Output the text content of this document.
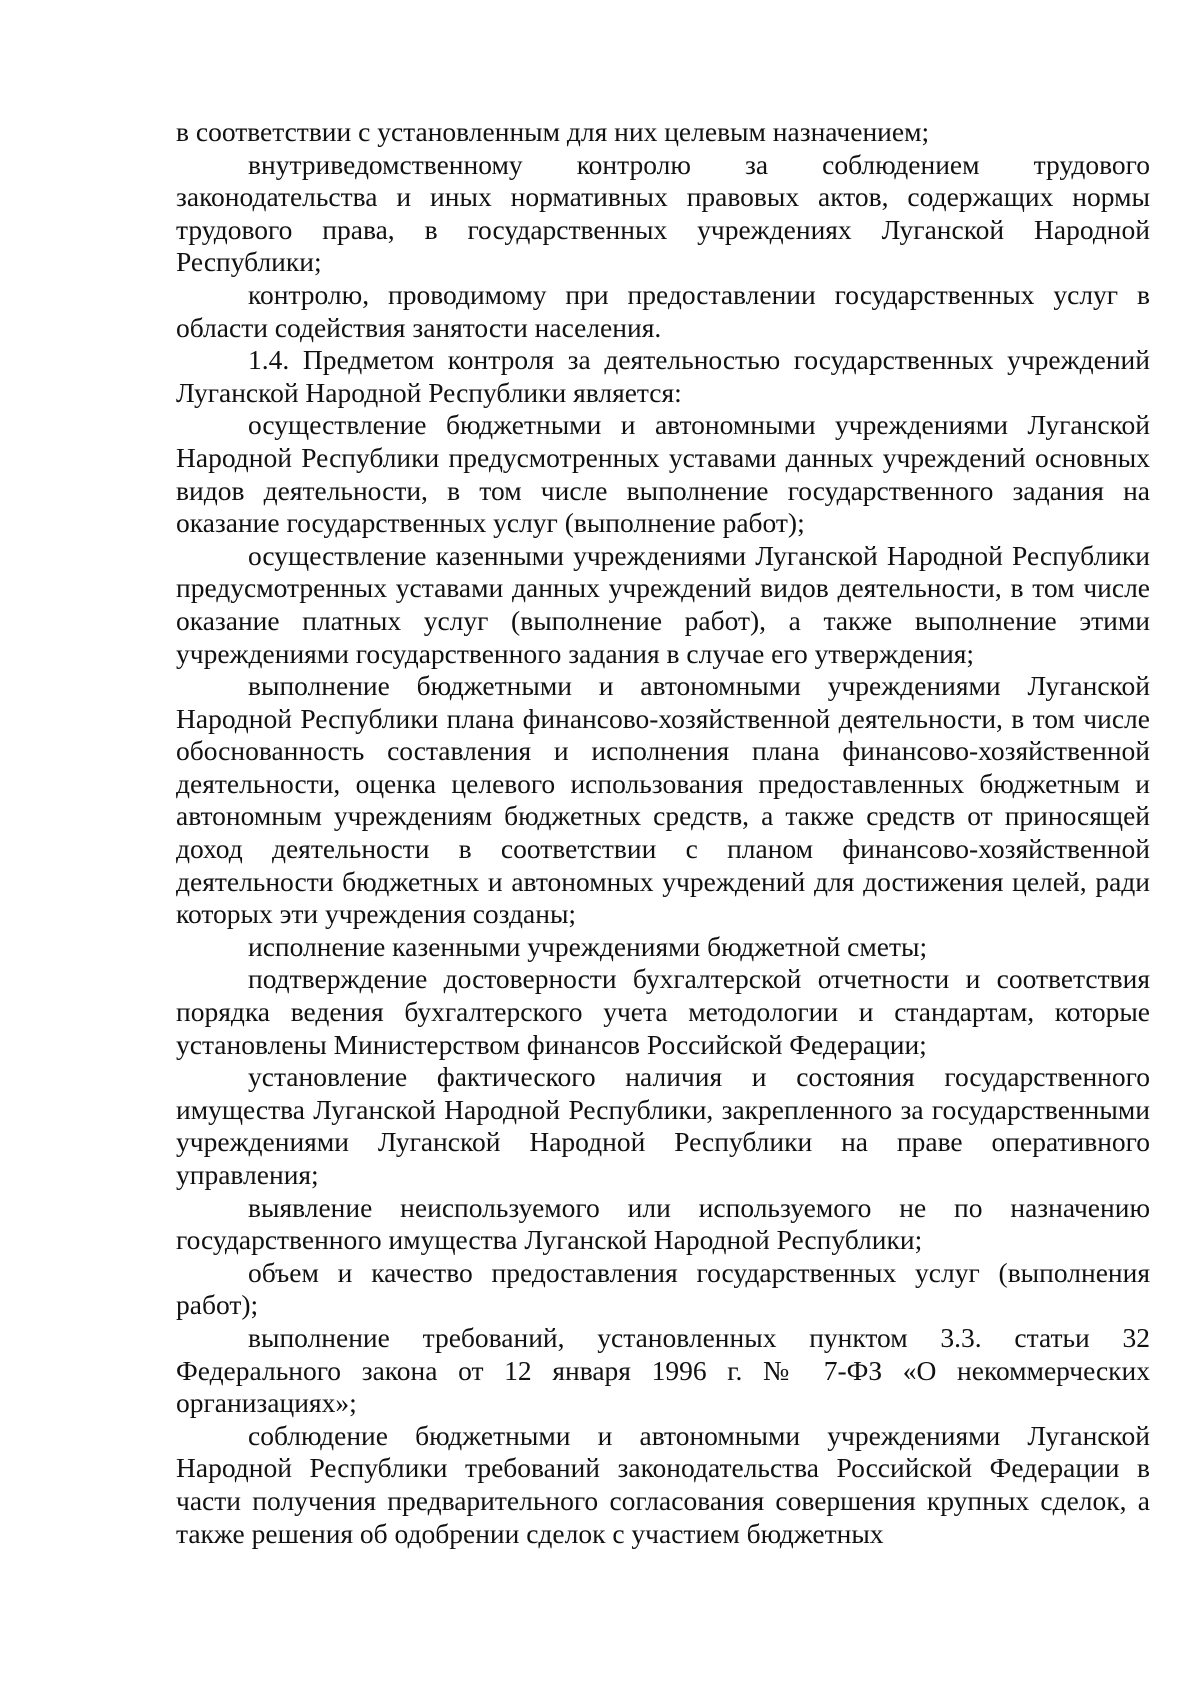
в соответствии с установленным для них целевым назначением;

внутриведомственному контролю за соблюдением трудового законодательства и иных нормативных правовых актов, содержащих нормы трудового права, в государственных учреждениях Луганской Народной Республики;

контролю, проводимому при предоставлении государственных услуг в области содействия занятости населения.

1.4. Предметом контроля за деятельностью государственных учреждений Луганской Народной Республики является:

осуществление бюджетными и автономными учреждениями Луганской Народной Республики предусмотренных уставами данных учреждений основных видов деятельности, в том числе выполнение государственного задания на оказание государственных услуг (выполнение работ);

осуществление казенными учреждениями Луганской Народной Республики предусмотренных уставами данных учреждений видов деятельности, в том числе оказание платных услуг (выполнение работ), а также выполнение этими учреждениями государственного задания в случае его утверждения;

выполнение бюджетными и автономными учреждениями Луганской Народной Республики плана финансово-хозяйственной деятельности, в том числе обоснованность составления и исполнения плана финансово-хозяйственной деятельности, оценка целевого использования предоставленных бюджетным и автономным учреждениям бюджетных средств, а также средств от приносящей доход деятельности в соответствии с планом финансово-хозяйственной деятельности бюджетных и автономных учреждений для достижения целей, ради которых эти учреждения созданы;

исполнение казенными учреждениями бюджетной сметы;

подтверждение достоверности бухгалтерской отчетности и соответствия порядка ведения бухгалтерского учета методологии и стандартам, которые установлены Министерством финансов Российской Федерации;

установление фактического наличия и состояния государственного имущества Луганской Народной Республики, закрепленного за государственными учреждениями Луганской Народной Республики на праве оперативного управления;

выявление неиспользуемого или используемого не по назначению государственного имущества Луганской Народной Республики;

объем и качество предоставления государственных услуг (выполнения работ);

выполнение требований, установленных пунктом 3.3. статьи 32 Федерального закона от 12 января 1996 г. № 7-ФЗ «О некоммерческих организациях»;

соблюдение бюджетными и автономными учреждениями Луганской Народной Республики требований законодательства Российской Федерации в части получения предварительного согласования совершения крупных сделок, а также решения об одобрении сделок с участием бюджетных
